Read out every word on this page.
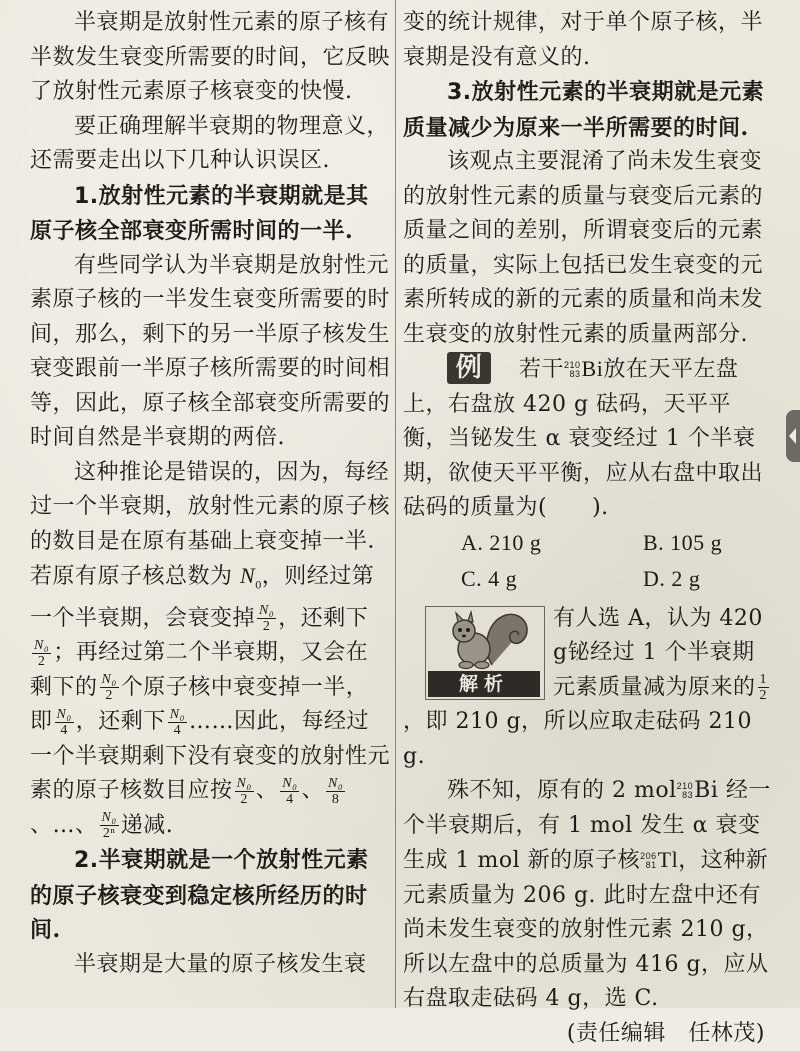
半衰期是放射性元素的原子核有半数发生衰变所需要的时间，它反映了放射性元素原子核衰变的快慢.

要正确理解半衰期的物理意义，还需要走出以下几种认识误区.

1.放射性元素的半衰期就是其原子核全部衰变所需时间的一半.

有些同学认为半衰期是放射性元素原子核的一半发生衰变所需要的时间，那么，剩下的另一半原子核发生衰变跟前一半原子核所需要的时间相等，因此，原子核全部衰变所需要的时间自然是半衰期的两倍.

这种推论是错误的，因为，每经过一个半衰期，放射性元素的原子核的数目是在原有基础上衰变掉一半．若原有原子核总数为 $N_0$，则经过第一个半衰期，会衰变掉 $\frac{\text{N₀}}{2}$ ，还剩下
$\frac{\text{N₀}}{2}$ ；再经过第二个半衰期，又会在剩下的 $\frac{\text{N₀}}{2}$ 个原子核中衰变掉一半，即 $\frac{\text{N₀}}{4}$ ，还剩下 $\frac{\text{N₀}}{4}$ ……因此，每经过一个半衰期剩下没有衰变的放射性元素的原子核数目应按 $\frac{\text{N₀}}{2}$ 、 $\frac{\text{N₀}}{4}$ 、 $\frac{\text{N₀}}{8}$
、…、 $\frac{\text{N₀}}{\text{2ⁿ}}$ 递减.

2.半衰期就是一个放射性元素的原子核衰变到稳定核所经历的时间.

半衰期是大量的原子核发生衰

变的统计规律，对于单个原子核，半衰期是没有意义的.

3.放射性元素的半衰期就是元素质量减少为原来一半所需要的时间.

该观点主要混淆了尚未发生衰变的放射性元素的质量与衰变后元素的质量之间的差别，所谓衰变后的元素的质量，实际上包括已发生衰变的元素所转成的新的元素的质量和尚未发生衰变的放射性元素的质量两部分.

例 若干 210
83 Bi放在天平左盘上，右盘放 420 g 砝码，天平平衡，当铋发生 α 衰变经过 1 个半衰期，欲使天平平衡，应从右盘中取出砝码的质量为(　　).

A. 210 g	B. 105 g
C. 4 g	D. 2 g
解析

有人选 A，认为 420 g铋经过 1 个半衰期元素质量减为原来的 $\frac{1}{2}$

，即 210 g，所以应取走砝码 210 g.

殊不知，原有的 2 mol 210
83 Bi 经一个半衰期后，有 1 mol 发生 α 衰变生成 1 mol 新的原子核 206
81 Tl，这种新元素质量为 206 g. 此时左盘中还有尚未发生衰变的放射性元素 210 g，所以左盘中的总质量为 416 g，应从右盘取走砝码 4 g，选 C.

(责任编辑　任林茂)
